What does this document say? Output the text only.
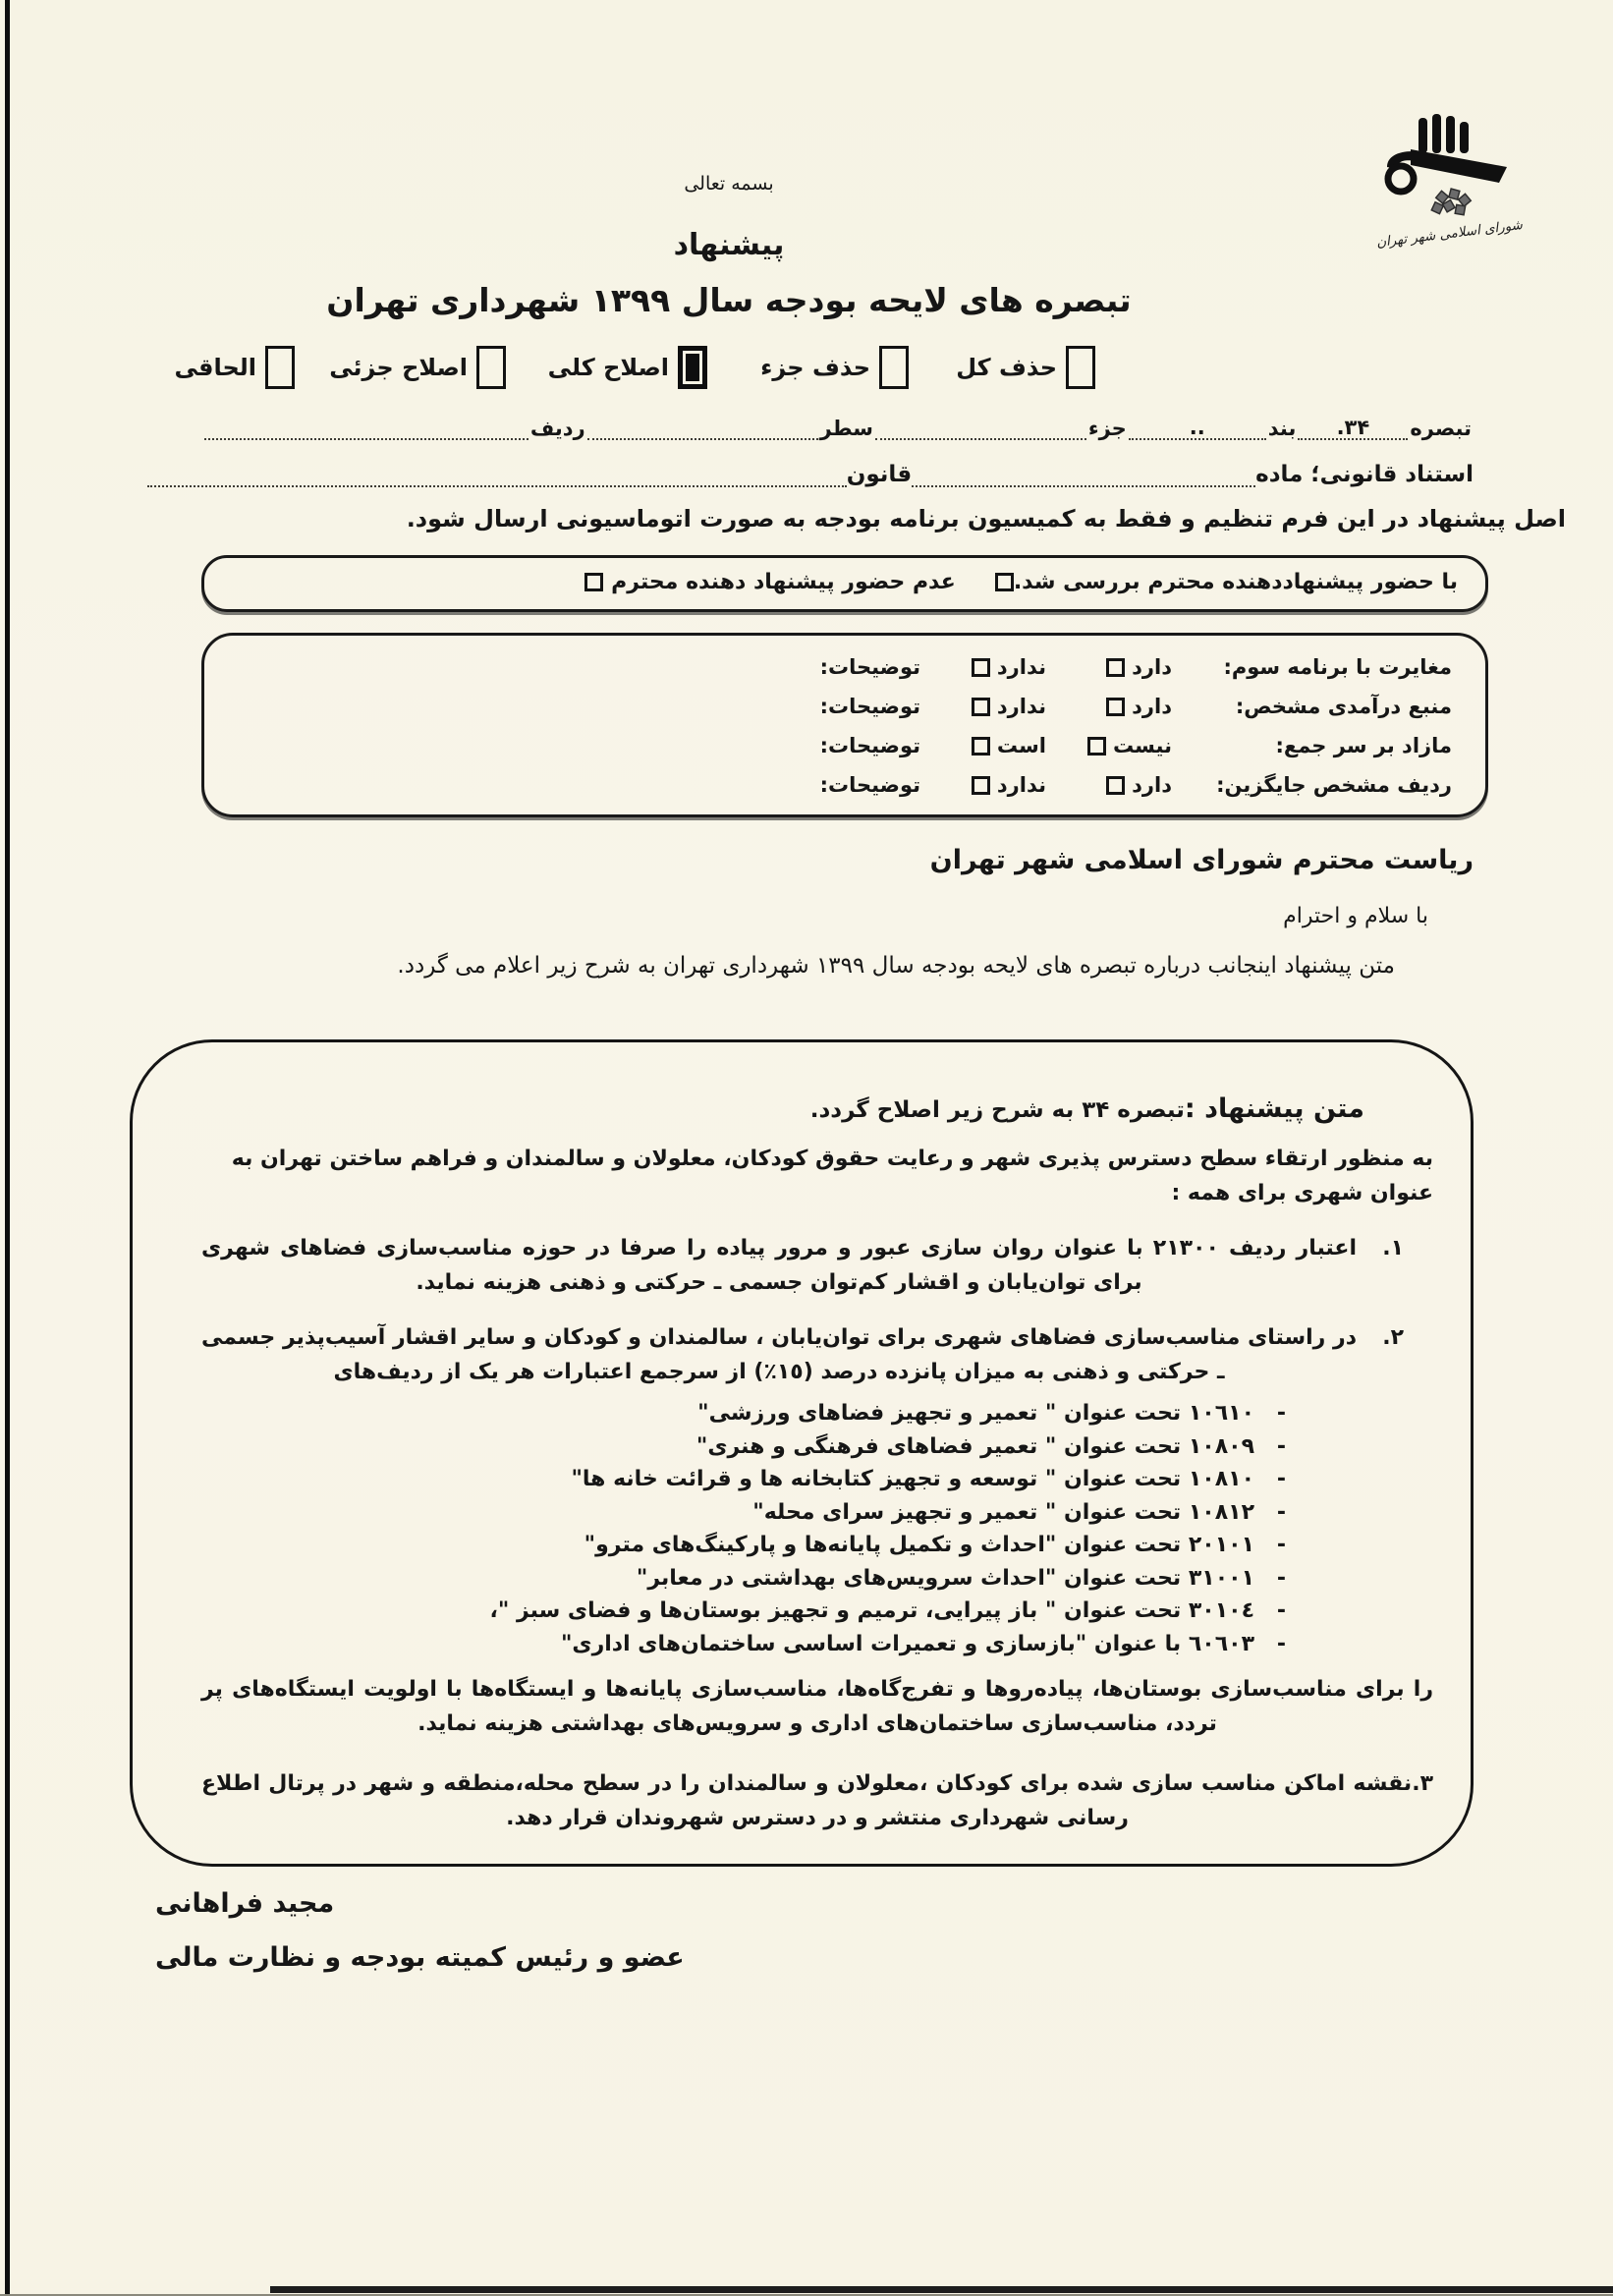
شورای اسلامی شهر تهران
بسمه تعالی
پیشنهاد
تبصره های لایحه بودجه سال ۱۳۹۹ شهرداری تهران
حذف کل
حذف جزء
اصلاح کلی
اصلاح جزئی
الحاقی
تبصره
۳۴.
بند
..
جزء
سطر
ردیف
استناد قانونی؛ ماده
قانون
اصل پیشنهاد در این فرم تنظیم و فقط به کمیسیون برنامه بودجه به صورت اتوماسیونی ارسال شود.
با حضور پیشنهاددهنده محترم بررسی شد.عدم حضور پیشنهاد دهنده محترم
مغایرت با برنامه سوم:
دارد
ندارد
توضیحات:
منبع درآمدی مشخص:
دارد
ندارد
توضیحات:
مازاد بر سر جمع:
نیست
است
توضیحات:
ردیف مشخص جایگزین:
دارد
ندارد
توضیحات:
ریاست محترم شورای اسلامی شهر تهران
با سلام و احترام
متن پیشنهاد اینجانب درباره تبصره های لایحه بودجه سال ۱۳۹۹ شهرداری تهران به شرح زیر اعلام می گردد.
متن پیشنهاد :تبصره ۳۴ به شرح زیر اصلاح گردد.
به منظور ارتقاء سطح دسترس پذیری شهر و رعایت حقوق کودکان، معلولان و سالمندان و فراهم ساختن تهران به عنوان شهری برای همه :
۱.
اعتبار ردیف ۲۱۳۰۰ با عنوان روان سازی عبور و مرور پیاده را صرفا در حوزه مناسب‌سازی فضاهای شهری برای توان‌یابان و اقشار کم‌توان جسمی ـ حرکتی و ذهنی هزینه نماید.
۲.
در راستای مناسب‌سازی فضاهای شهری برای توان‌یابان ، سالمندان و کودکان و سایر اقشار آسیب‌پذیر جسمی ـ حرکتی و ذهنی به میزان پانزده درصد (١٥٪) از سرجمع اعتبارات هر یک از ردیف‌های
-
۱۰٦۱۰ تحت عنوان " تعمیر و تجهیز فضاهای ورزشی"
-
۱۰۸۰۹ تحت عنوان " تعمیر فضاهای فرهنگی و هنری"
-
۱۰۸۱۰ تحت عنوان " توسعه و تجهیز کتابخانه ها و قرائت خانه ها"
-
۱۰۸۱۲ تحت عنوان " تعمیر و تجهیز سرای محله"
-
۲۰۱۰۱ تحت عنوان "احداث و تکمیل پایانه‌ها و پارکینگ‌های مترو"
-
۳۱۰۰۱ تحت عنوان "احداث سرویس‌های بهداشتی در معابر"
-
۳۰۱۰٤ تحت عنوان " باز پیرایی، ترمیم و تجهیز بوستان‌ها و فضای سبز "،
-
٦۰٦۰۳ با عنوان "بازسازی و تعمیرات اساسی ساختمان‌های اداری"
را برای مناسب‌سازی بوستان‌ها، پیاده‌روها و تفرج‌گاه‌ها، مناسب‌سازی پایانه‌ها و ایستگاه‌ها با اولویت ایستگاه‌های پر تردد، مناسب‌سازی ساختمان‌های اداری و سرویس‌های بهداشتی هزینه نماید.
۳.نقشه اماکن مناسب سازی شده برای کودکان ،معلولان و سالمندان را در سطح محله،منطقه و شهر در پرتال اطلاع رسانی شهرداری منتشر و در دسترس شهروندان قرار دهد.
مجید فراهانی
عضو و رئیس کمیته بودجه و نظارت مالی
